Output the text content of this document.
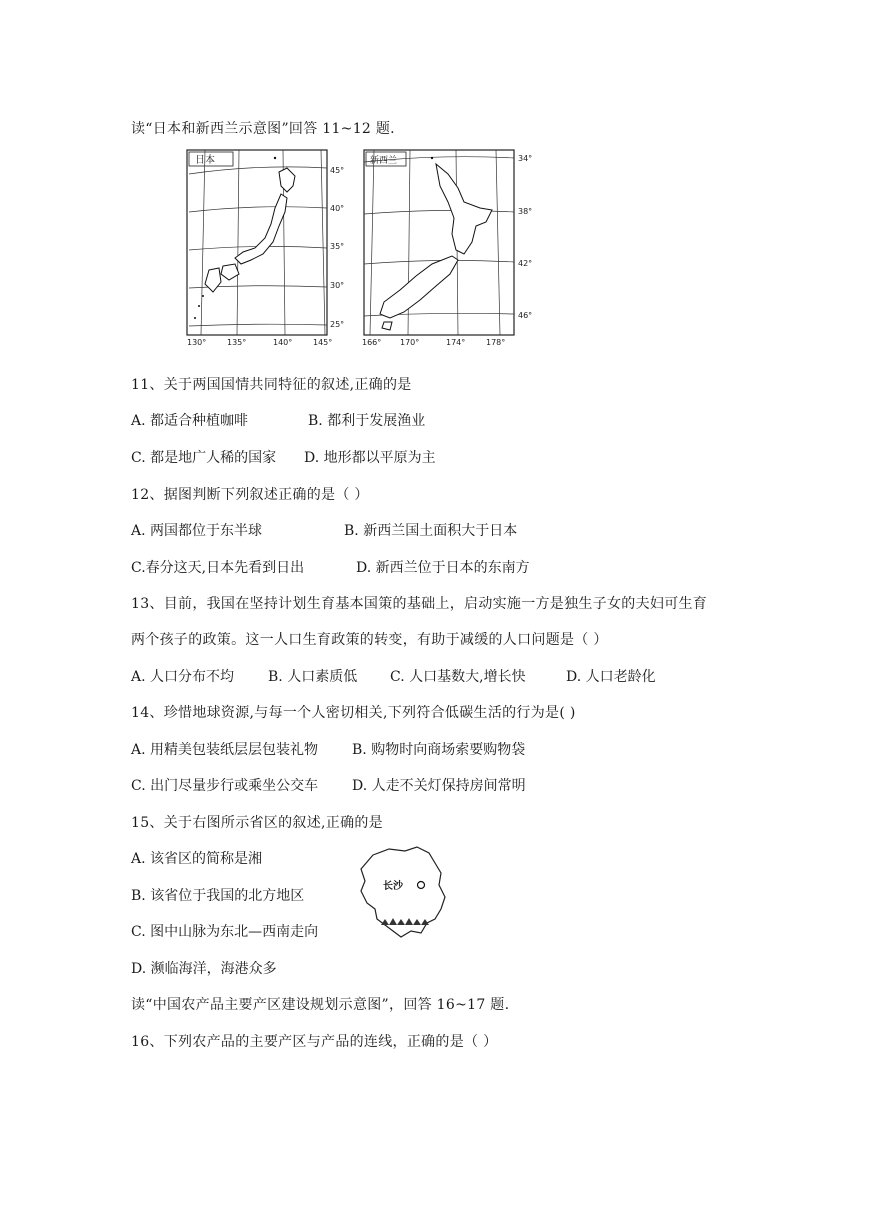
读“日本和新西兰示意图”回答 11~12 题.
日本
45°
40°
35°
30°
25°
130°	135°	140°	145°
新西兰	34°
38°
42°
46°
166° 170°	174°	178°
11、关于两国国情共同特征的叙述,正确的是
A. 都适合种植咖啡	B. 都利于发展渔业
C. 都是地广人稀的国家 D. 地形都以平原为主
12、据图判断下列叙述正确的是（ ）
A. 两国都位于东半球	B. 新西兰国土面积大于日本
C.春分这天,日本先看到日出	D. 新西兰位于日本的东南方
13、目前，我国在坚持计划生育基本国策的基础上，启动实施一方是独生子女的夫妇可生育
两个孩子的政策。这一人口生育政策的转变，有助于减缓的人口问题是（ ）
A. 人口分布不均 B. 人口素质低 C. 人口基数大,增长快	D. 人口老龄化
14、珍惜地球资源,与每一个人密切相关,下列符合低碳生活的行为是( )
A. 用精美包装纸层层包装礼物 B. 购物时向商场索要购物袋
C. 出门尽量步行或乘坐公交车 D. 人走不关灯保持房间常明
15、关于右图所示省区的叙述,正确的是
A. 该省区的简称是湘
B. 该省位于我国的北方地区
C. 图中山脉为东北—西南走向
D. 濒临海洋，海港众多
长沙
读“中国农产品主要产区建设规划示意图”，回答 16~17 题.
16、下列农产品的主要产区与产品的连线，正确的是（ ）
